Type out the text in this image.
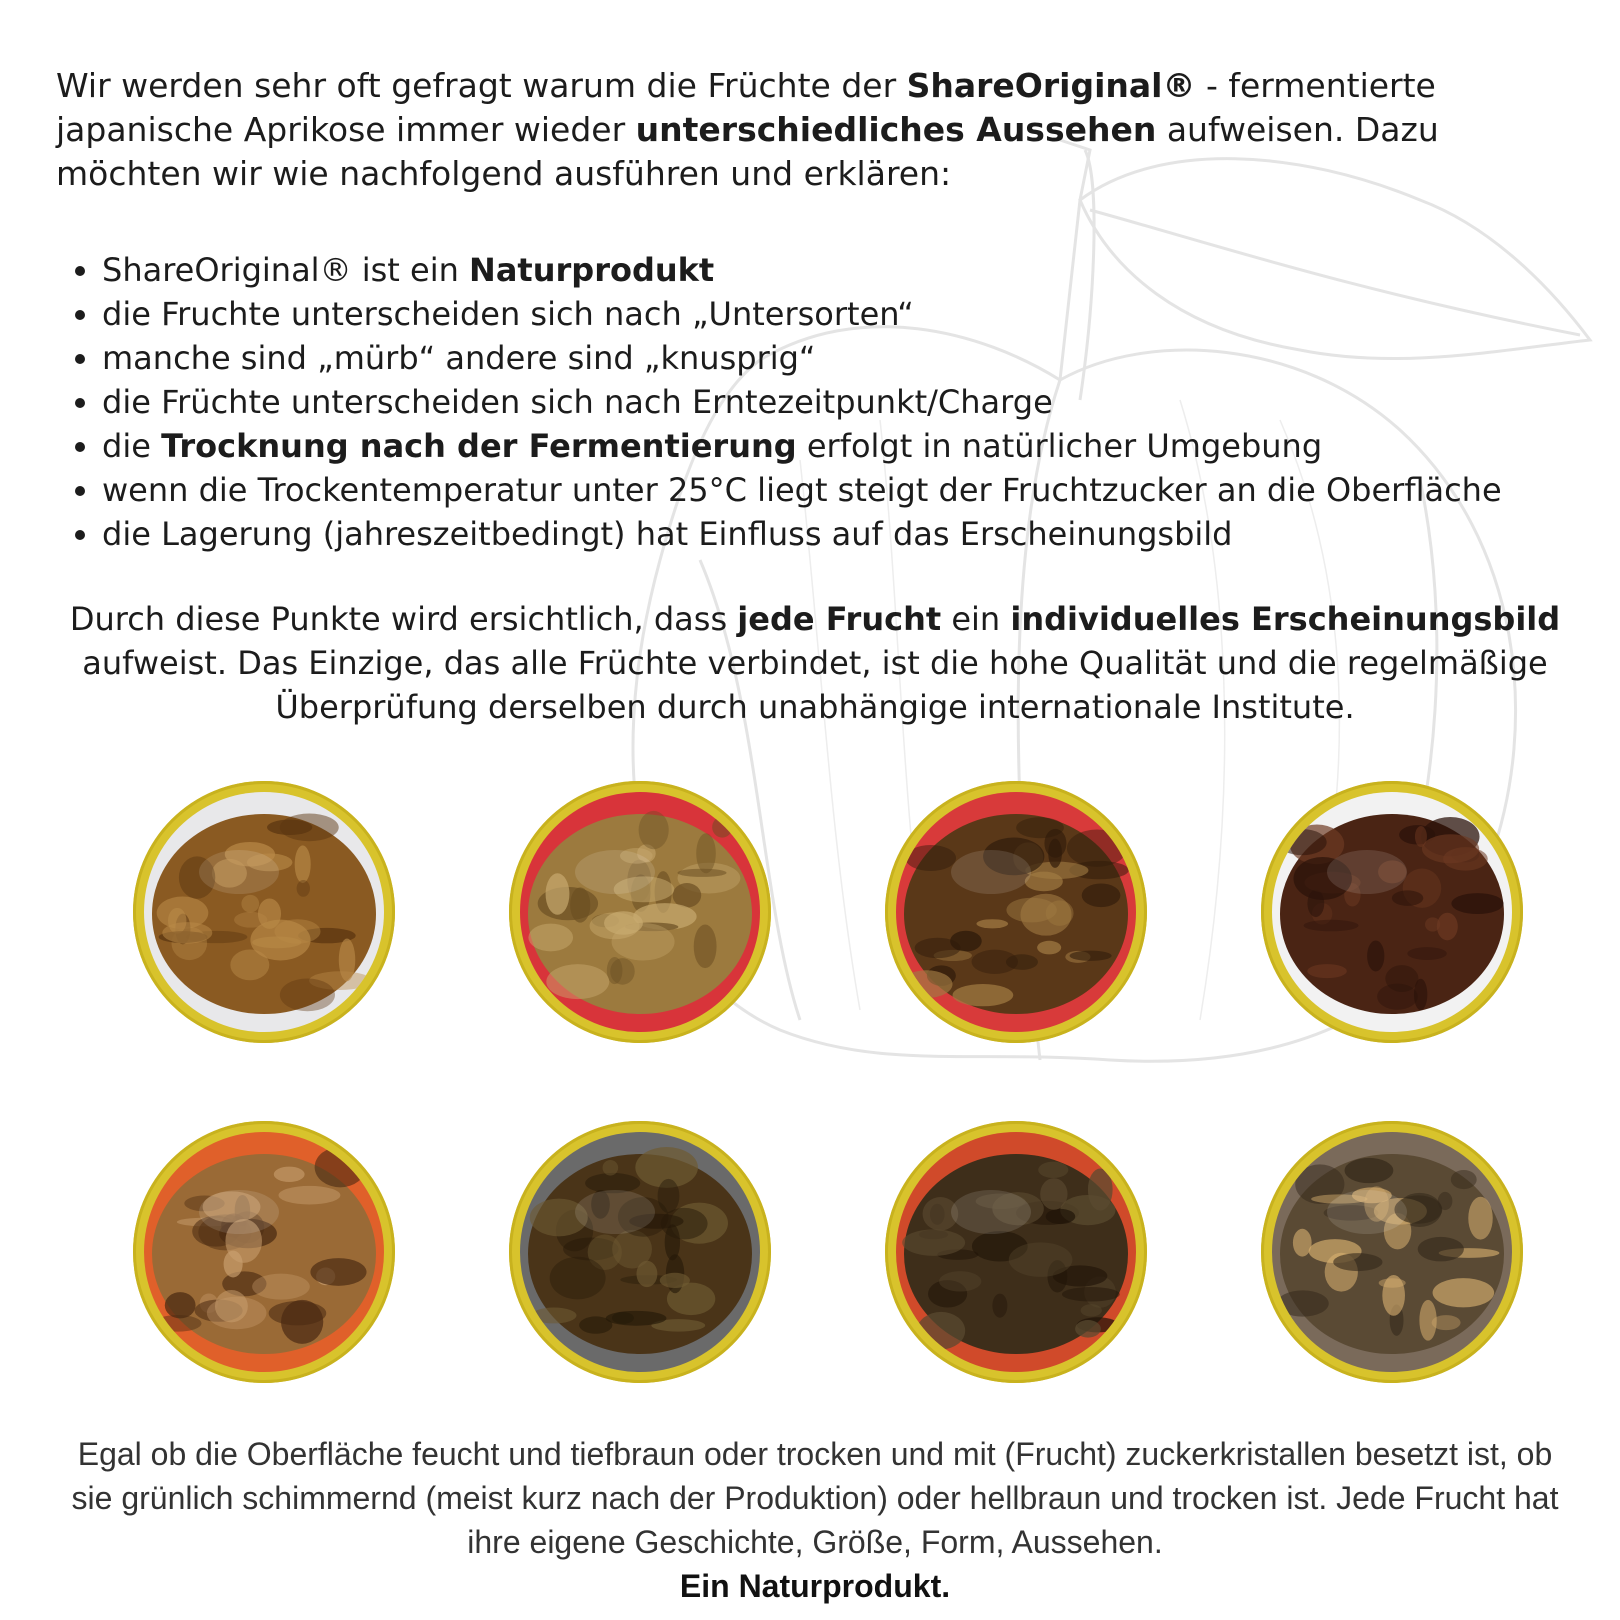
Wir werden sehr oft gefragt warum die Früchte der ShareOriginal® - fermentierte japanische Aprikose immer wieder unterschiedliches Aussehen aufweisen. Dazu möchten wir wie nachfolgend ausführen und erklären:

• ShareOriginal® ist ein Naturprodukt
• die Fruchte unterscheiden sich nach „Untersorten“
• manche sind „mürb“ andere sind „knusprig“
• die Früchte unterscheiden sich nach Erntezeitpunkt/Charge
• die Trocknung nach der Fermentierung erfolgt in natürlicher Umgebung
• wenn die Trockentemperatur unter 25°C liegt steigt der Fruchtzucker an die Oberfläche
• die Lagerung (jahreszeitbedingt) hat Einfluss auf das Erscheinungsbild

Durch diese Punkte wird ersichtlich, dass jede Frucht ein individuelles Erscheinungsbild aufweist. Das Einzige, das alle Früchte verbindet, ist die hohe Qualität und die regelmäßige Überprüfung derselben durch unabhängige internationale Institute.

Egal ob die Oberfläche feucht und tiefbraun oder trocken und mit (Frucht) zuckerkristallen besetzt ist, ob sie grünlich schimmernd (meist kurz nach der Produktion) oder hellbraun und trocken ist. Jede Frucht hat ihre eigene Geschichte, Größe, Form, Aussehen.

Ein Naturprodukt.
